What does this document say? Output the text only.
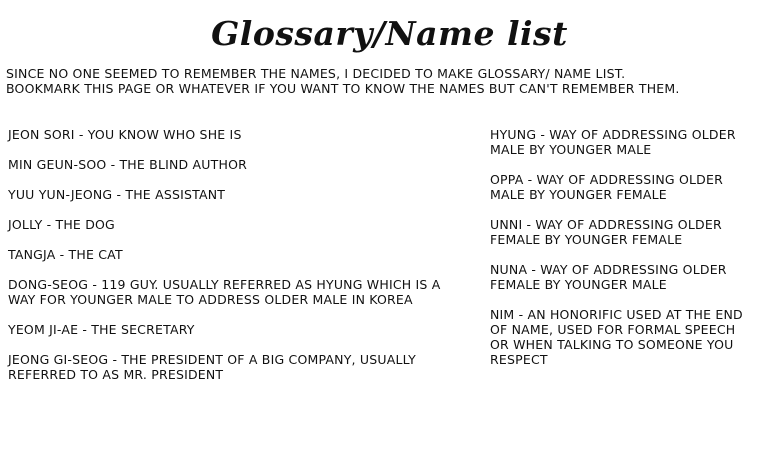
Glossary/Name list
SINCE NO ONE SEEMED TO REMEMBER THE NAMES, I DECIDED TO MAKE GLOSSARY/ NAME LIST.
BOOKMARK THIS PAGE OR WHATEVER IF YOU WANT TO KNOW THE NAMES BUT CAN'T REMEMBER THEM.
JEON SORI - YOU KNOW WHO SHE IS
MIN GEUN-SOO - THE BLIND AUTHOR
YUU YUN-JEONG - THE ASSISTANT
JOLLY - THE DOG
TANGJA - THE CAT
DONG-SEOG - 119 GUY. USUALLY REFERRED AS HYUNG WHICH IS A
WAY FOR YOUNGER MALE TO ADDRESS OLDER MALE IN KOREA
YEOM JI-AE - THE SECRETARY
JEONG GI-SEOG - THE PRESIDENT OF A BIG COMPANY, USUALLY
REFERRED TO AS MR. PRESIDENT
HYUNG - WAY OF ADDRESSING OLDER
MALE BY YOUNGER MALE
OPPA - WAY OF ADDRESSING OLDER
MALE BY YOUNGER FEMALE
UNNI - WAY OF ADDRESSING OLDER
FEMALE BY YOUNGER FEMALE
NUNA - WAY OF ADDRESSING OLDER
FEMALE BY YOUNGER MALE
NIM - AN HONORIFIC USED AT THE END
OF NAME, USED FOR FORMAL SPEECH
OR WHEN TALKING TO SOMEONE YOU
RESPECT
